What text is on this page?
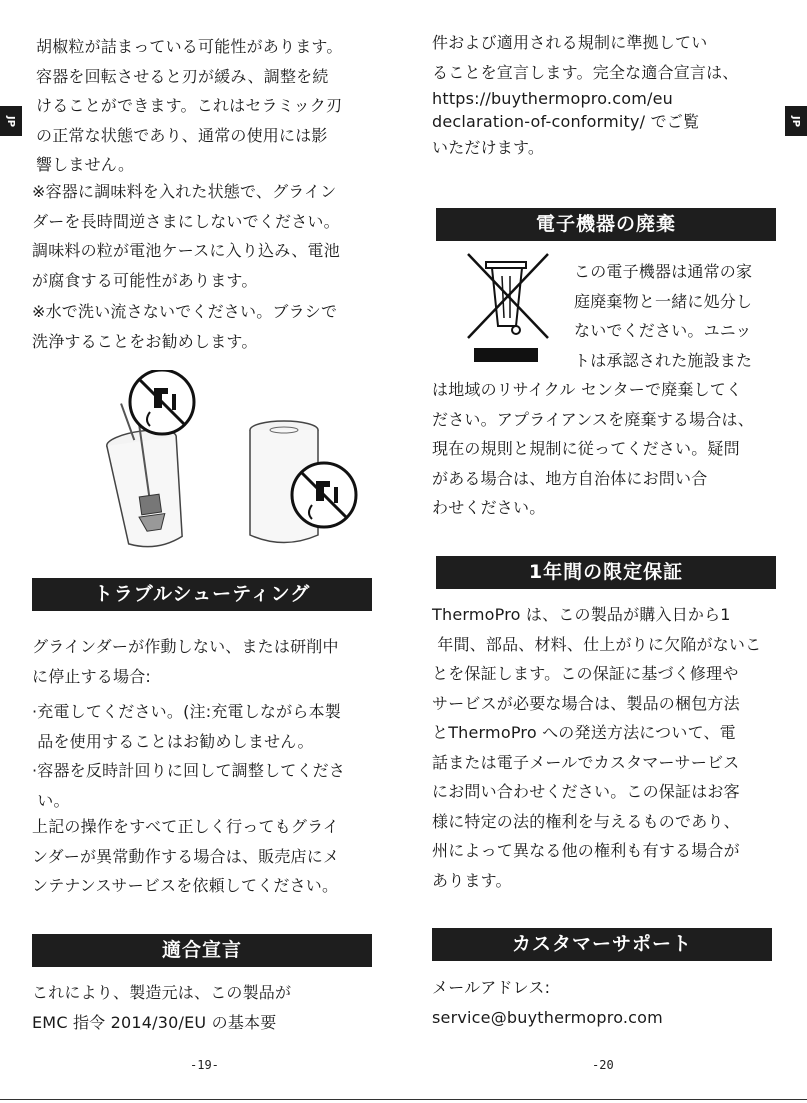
JP	JP
胡椒粒が詰まっている可能性があります。
容器を回転させると刃が緩み、調整を続
けることができます。これはセラミック刃
の正常な状態であり、通常の使用には影
響しません。
※容器に調味料を入れた状態で、グライン
ダーを長時間逆さまにしないでください。
調味料の粒が電池ケースに入り込み、電池
が腐食する可能性があります。
※水で洗い流さないでください。ブラシで
洗浄することをお勧めします。
トラブルシューティング
グラインダーが作動しない、または研削中
に停止する場合:
·充電してください。(注:充電しながら本製
品を使用することはお勧めしません。
·容器を反時計回りに回して調整してくださ
い。
上記の操作をすべて正しく行ってもグライ
ンダーが異常動作する場合は、販売店にメ
ンテナンスサービスを依頼してください。
適合宣言
これにより、製造元は、この製品が
EMC 指令 2014/30/EU の基本要
-19-
件および適用される規制に準拠してい
ることを宣言します。完全な適合宣言は、
https://buythermopro.com/eu
declaration-of-conformity/ でご覧
いただけます。
電子機器の廃棄
この電子機器は通常の家
庭廃棄物と一緒に処分し
ないでください。ユニッ
トは承認された施設また
は地域のリサイクル センターで廃棄してく
ださい。アプライアンスを廃棄する場合は、
現在の規則と規制に従ってください。疑問
がある場合は、地方自治体にお問い合
わせください。
1年間の限定保証
ThermoPro は、この製品が購入日から1
年間、部品、材料、仕上がりに欠陥がないこ
とを保証します。この保証に基づく修理や
サービスが必要な場合は、製品の梱包方法
とThermoPro への発送方法について、電
話または電子メールでカスタマーサービス
にお問い合わせください。この保証はお客
様に特定の法的権利を与えるものであり、
州によって異なる他の権利も有する場合が
あります。
カスタマーサポート
メールアドレス:
service@buythermopro.com
-20
